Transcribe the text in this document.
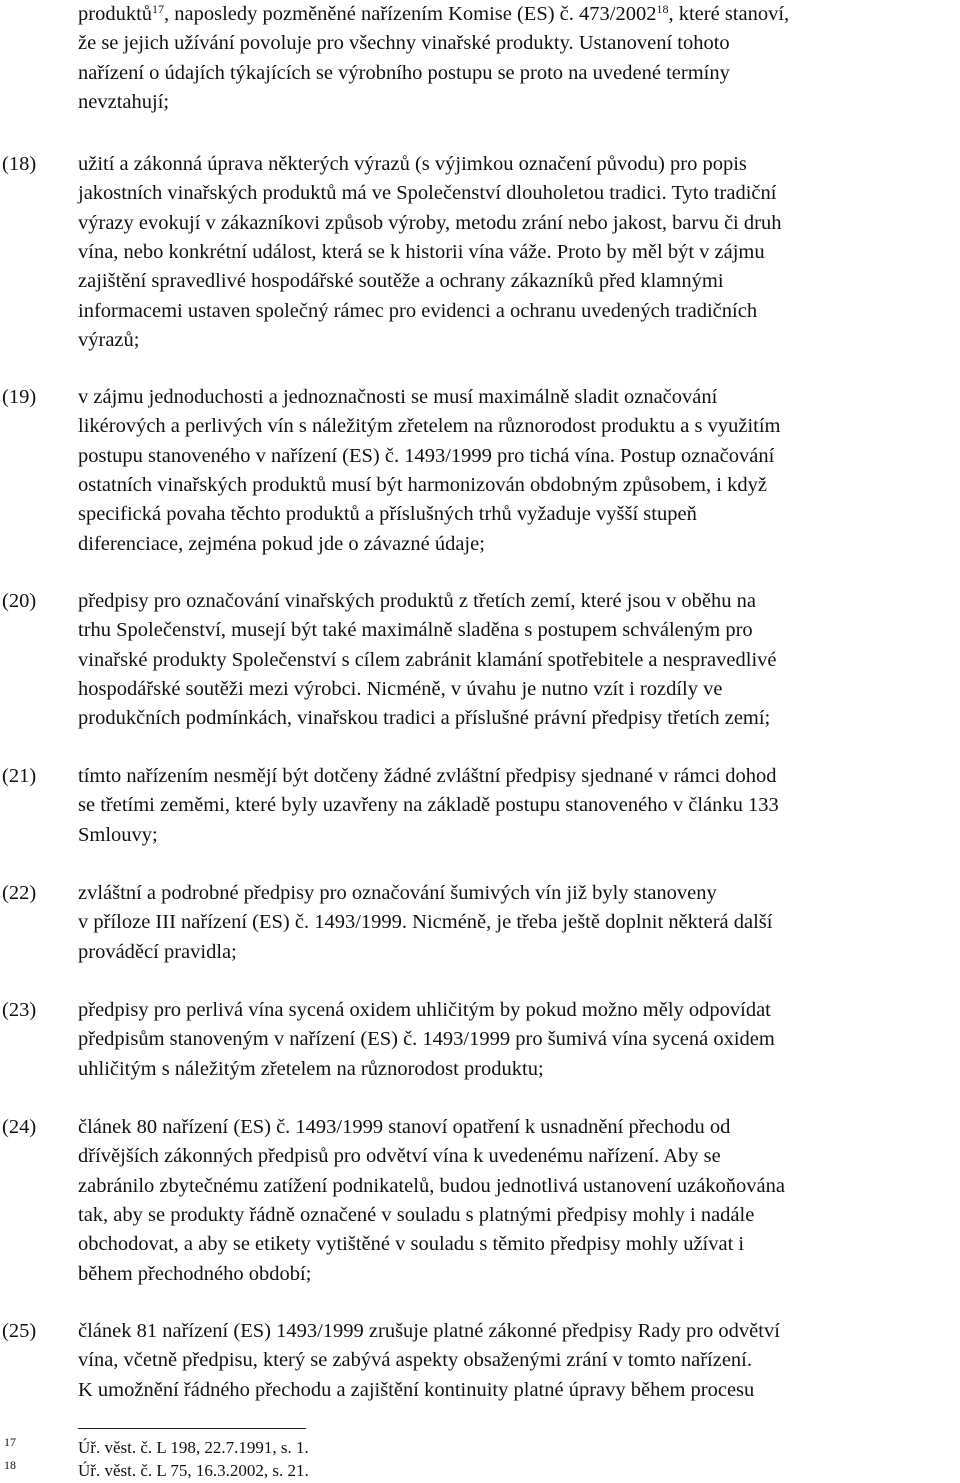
produktů$^{17}$, naposledy pozměněné nařízením Komise (ES) č. 473/2002$^{18}$, které stanoví,
že se jejich užívání povoluje pro všechny vinařské produkty. Ustanovení tohoto
nařízení o údajích týkajících se výrobního postupu se proto na uvedené termíny
nevztahují;
(18) užití a zákonná úprava některých výrazů (s výjimkou označení původu) pro popis
jakostních vinařských produktů má ve Společenství dlouholetou tradici. Tyto tradiční
výrazy evokují v zákazníkovi způsob výroby, metodu zrání nebo jakost, barvu či druh
vína, nebo konkrétní událost, která se k historii vína váže. Proto by měl být v zájmu
zajištění spravedlivé hospodářské soutěže a ochrany zákazníků před klamnými
informacemi ustaven společný rámec pro evidenci a ochranu uvedených tradičních
výrazů;
(19) v zájmu jednoduchosti a jednoznačnosti se musí maximálně sladit označování
likérových a perlivých vín s náležitým zřetelem na různorodost produktu a s využitím
postupu stanoveného v nařízení (ES) č. 1493/1999 pro tichá vína. Postup označování
ostatních vinařských produktů musí být harmonizován obdobným způsobem, i když
specifická povaha těchto produktů a příslušných trhů vyžaduje vyšší stupeň
diferenciace, zejména pokud jde o závazné údaje;
(20) předpisy pro označování vinařských produktů z třetích zemí, které jsou v oběhu na
trhu Společenství, musejí být také maximálně sladěna s postupem schváleným pro
vinařské produkty Společenství s cílem zabránit klamání spotřebitele a nespravedlivé
hospodářské soutěži mezi výrobci. Nicméně, v úvahu je nutno vzít i rozdíly ve
produkčních podmínkách, vinařskou tradici a příslušné právní předpisy třetích zemí;
(21) tímto nařízením nesmějí být dotčeny žádné zvláštní předpisy sjednané v rámci dohod
se třetími zeměmi, které byly uzavřeny na základě postupu stanoveného v článku 133
Smlouvy;
(22) zvláštní a podrobné předpisy pro označování šumivých vín již byly stanoveny
v příloze III nařízení (ES) č. 1493/1999. Nicméně, je třeba ještě doplnit některá další
prováděcí pravidla;
(23) předpisy pro perlivá vína sycená oxidem uhličitým by pokud možno měly odpovídat
předpisům stanoveným v nařízení (ES) č. 1493/1999 pro šumivá vína sycená oxidem
uhličitým s náležitým zřetelem na různorodost produktu;
(24) článek 80 nařízení (ES) č. 1493/1999 stanoví opatření k usnadnění přechodu od
dřívějších zákonných předpisů pro odvětví vína k uvedenému nařízení. Aby se
zabránilo zbytečnému zatížení podnikatelů, budou jednotlivá ustanovení uzákoňována
tak, aby se produkty řádně označené v souladu s platnými předpisy mohly i nadále
obchodovat, a aby se etikety vytištěné v souladu s těmito předpisy mohly užívat i
během přechodného období;
(25) článek 81 nařízení (ES) 1493/1999 zrušuje platné zákonné předpisy Rady pro odvětví
vína, včetně předpisu, který se zabývá aspekty obsaženými zrání v tomto nařízení.
K umožnění řádného přechodu a zajištění kontinuity platné úpravy během procesu
17	Úř. věst. č. L 198, 22.7.1991, s. 1.
18	Úř. věst. č. L 75, 16.3.2002, s. 21.
